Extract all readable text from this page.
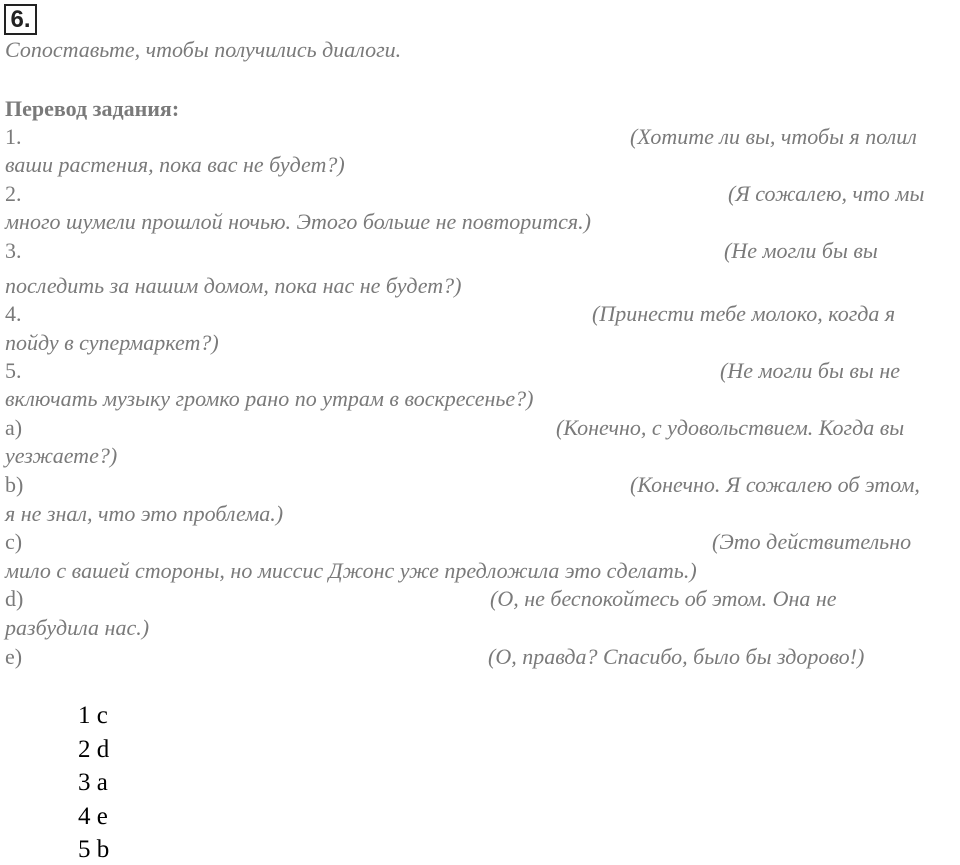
6.
Сопоставьте, чтобы получились диалоги.
Перевод задания:
1.	(Хотите ли вы, чтобы я полил
ваши растения, пока вас не будет?)
2.	(Я сожалею, что мы
много шумели прошлой ночью. Этого больше не повторится.)
3.	(Не могли бы вы
последить за нашим домом, пока нас не будет?)
4.	(Принести тебе молоко, когда я
пойду в супермаркет?)
5.	(Не могли бы вы не
включать музыку громко рано по утрам в воскресенье?)
a)	(Конечно, с удовольствием. Когда вы
уезжаете?)
b)	(Конечно. Я сожалею об этом,
я не знал, что это проблема.)
c)	(Это действительно
мило с вашей стороны, но миссис Джонс уже предложила это сделать.)
d)	(О, не беспокойтесь об этом. Она не
разбудила нас.)
e)	(О, правда? Спасибо, было бы здорово!)
1 c
2 d
3 a
4 e
5 b
